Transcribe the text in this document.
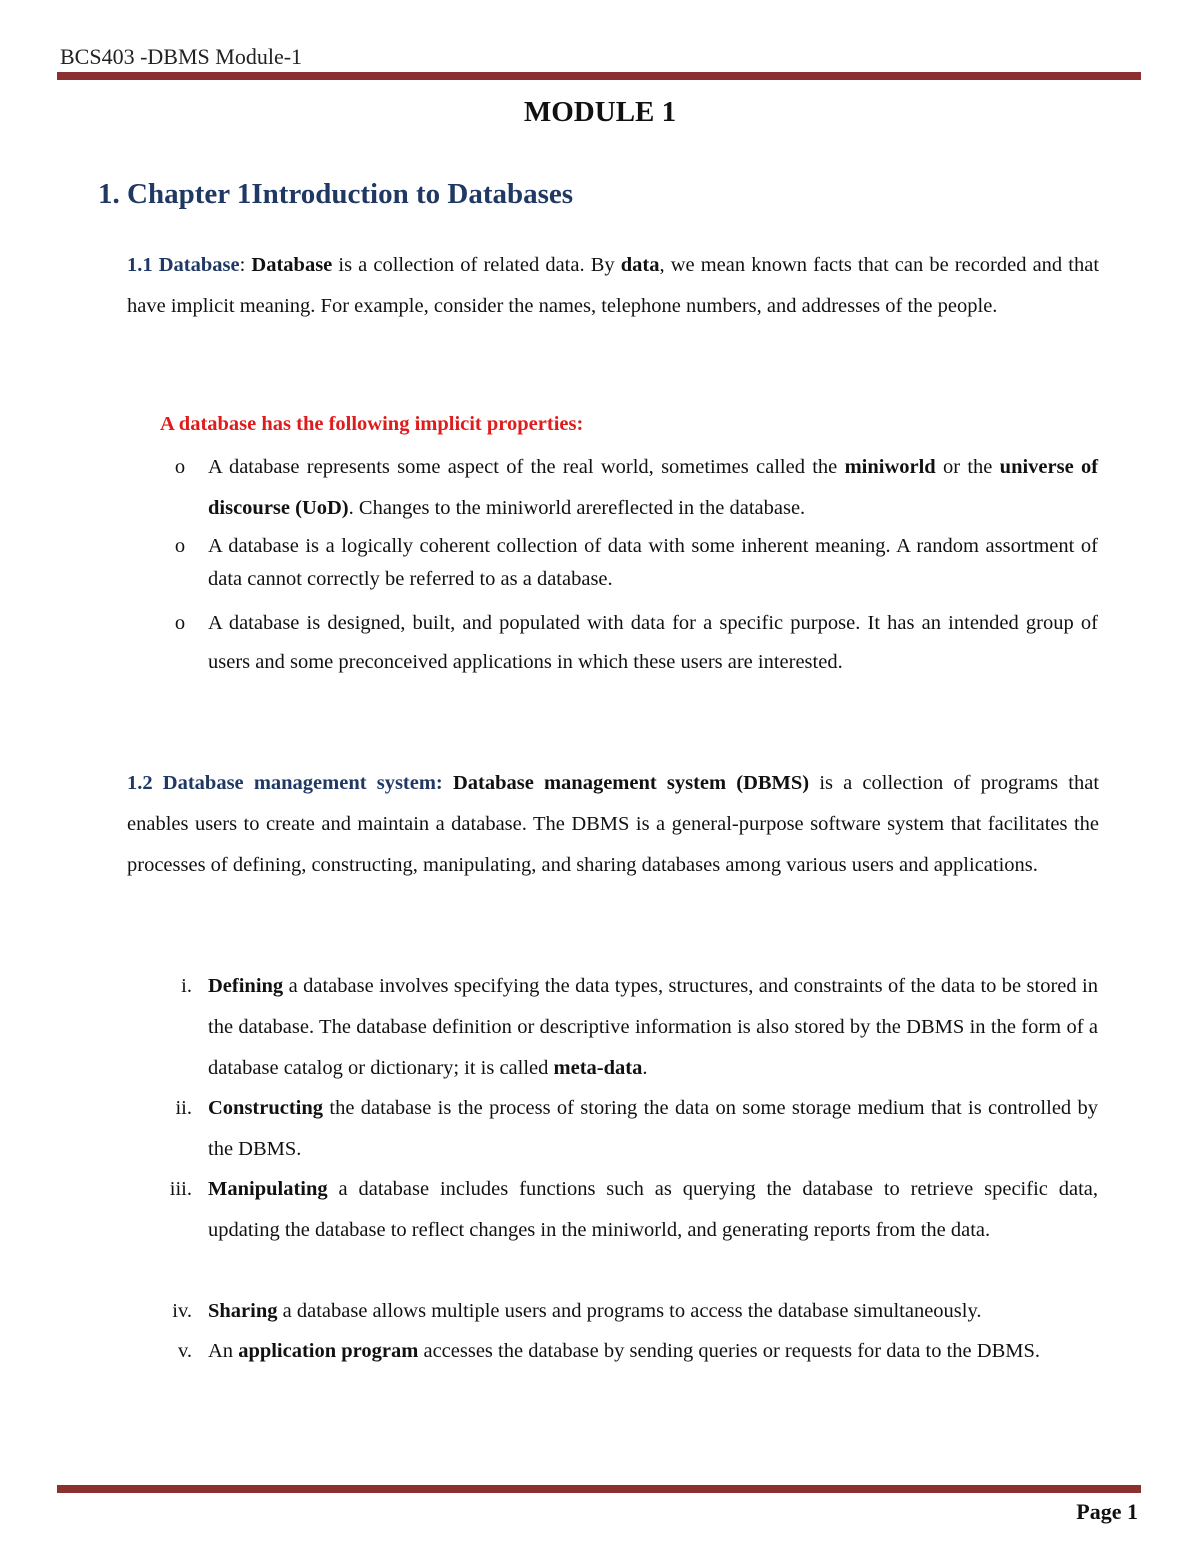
BCS403 -DBMS Module-1
MODULE 1
1. Chapter 1Introduction to Databases
1.1 Database: Database is a collection of related data. By data, we mean known facts that can be recorded and that have implicit meaning. For example, consider the names, telephone numbers, and addresses of the people.
A database has the following implicit properties:
o	A database represents some aspect of the real world, sometimes called the miniworld or the universe of discourse (UoD). Changes to the miniworld arereflected in the database.
o	A database is a logically coherent collection of data with some inherent meaning. A random assortment of data cannot correctly be referred to as a database.
o	A database is designed, built, and populated with data for a specific purpose. It has an intended group of users and some preconceived applications in which these users are interested.
1.2 Database management system: Database management system (DBMS) is a collection of programs that enables users to create and maintain a database. The DBMS is a general-purpose software system that facilitates the processes of defining, constructing, manipulating, and sharing databases among various users and applications.
i. Defining a database involves specifying the data types, structures, and constraints of the data to be stored in the database. The database definition or descriptive information is also stored by the DBMS in the form of a database catalog or dictionary; it is called meta-data.
ii. Constructing the database is the process of storing the data on some storage medium that is controlled by the DBMS.
iii. Manipulating a database includes functions such as querying the database to retrieve specific data, updating the database to reflect changes in the miniworld, and generating reports from the data.
iv. Sharing a database allows multiple users and programs to access the database simultaneously.
v. An application program accesses the database by sending queries or requests for data to the DBMS.
Page 1
